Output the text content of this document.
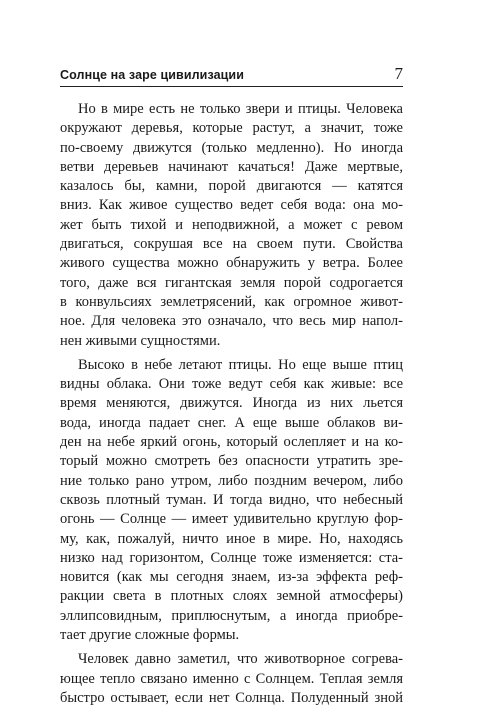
Солнце на заре цивилизации	7
Но в мире есть не только звери и птицы. Человека
окружают деревья, которые растут, а значит, тоже
по-своему движутся (только медленно). Но иногда
ветви деревьев начинают качаться! Даже мертвые,
казалось бы, камни, порой двигаются — катятся
вниз. Как живое существо ведет себя вода: она мо-
жет быть тихой и неподвижной, а может с ревом
двигаться, сокрушая все на своем пути. Свойства
живого существа можно обнаружить у ветра. Более
того, даже вся гигантская земля порой содрогается
в конвульсиях землетрясений, как огромное живот-
ное. Для человека это означало, что весь мир напол-
нен живыми сущностями.
Высоко в небе летают птицы. Но еще выше птиц
видны облака. Они тоже ведут себя как живые: все
время меняются, движутся. Иногда из них льется
вода, иногда падает снег. А еще выше облаков ви-
ден на небе яркий огонь, который ослепляет и на ко-
торый можно смотреть без опасности утратить зре-
ние только рано утром, либо поздним вечером, либо
сквозь плотный туман. И тогда видно, что небесный
огонь — Солнце — имеет удивительно круглую фор-
му, как, пожалуй, ничто иное в мире. Но, находясь
низко над горизонтом, Солнце тоже изменяется: ста-
новится (как мы сегодня знаем, из-за эффекта реф-
ракции света в плотных слоях земной атмосферы)
эллипсовидным, приплюснутым, а иногда приобре-
тает другие сложные формы.
Человек давно заметил, что животворное согрева-
ющее тепло связано именно с Солнцем. Теплая земля
быстро остывает, если нет Солнца. Полуденный зной
